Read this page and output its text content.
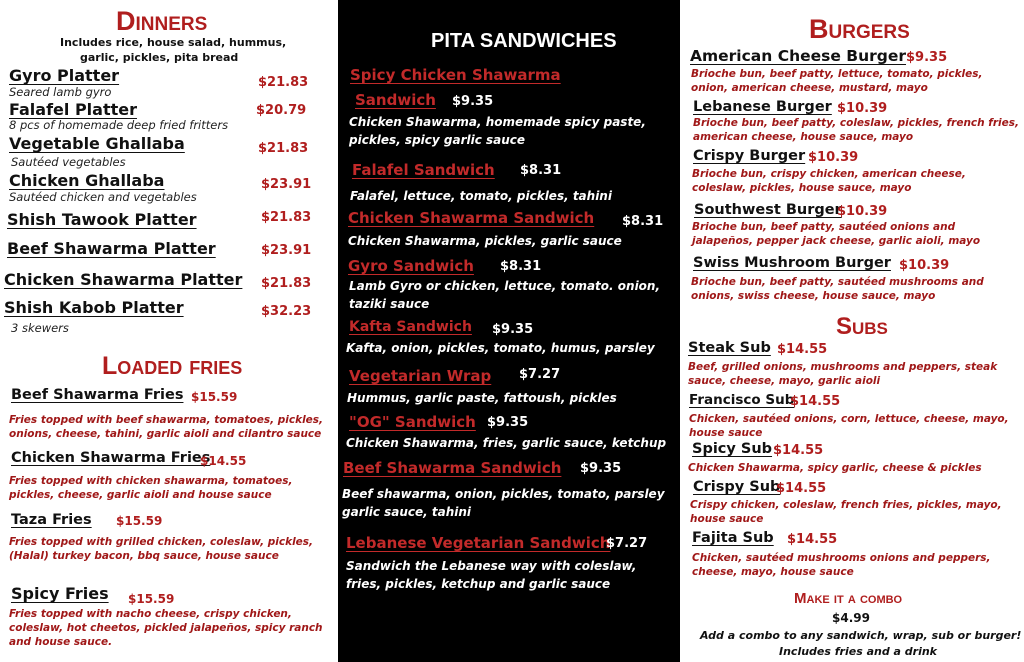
Dinners
Includes rice, house salad, hummus,
garlic, pickles, pita bread
Gyro Platter	$21.83
Seared lamb gyro
Falafel Platter	$20.79
8 pcs of homemade deep fried fritters
Vegetable Ghallaba	$21.83
Sautéed vegetables
Chicken Ghallaba	$23.91
Sautéed chicken and vegetables
Shish Tawook Platter	$21.83
Beef Shawarma Platter	$23.91
Chicken Shawarma Platter $21.83
Shish Kabob Platter	$32.23
3 skewers
Loaded fries
Beef Shawarma Fries $15.59
Fries topped with beef shawarma, tomatoes, pickles, onions, cheese, tahini, garlic aioli and cilantro sauce
Chicken Shawarma Fries
$14.55
Fries topped with chicken shawarma, tomatoes, pickles, cheese, garlic aioli and house sauce
Taza Fries $15.59
Fries topped with grilled chicken, coleslaw, pickles, (Halal) turkey bacon, bbq sauce, house sauce
Spicy Fries $15.59
Fries topped with nacho cheese, crispy chicken, coleslaw, hot cheetos, pickled jalapeños, spicy ranch and house sauce.
PITA SANDWICHES
Spicy Chicken Shawarma
Sandwich $9.35
Chicken Shawarma, homemade spicy paste, pickles, spicy garlic sauce
Falafel Sandwich $8.31
Falafel, lettuce, tomato, pickles, tahini
Chicken Shawarma Sandwich $8.31
Chicken Shawarma, pickles, garlic sauce
Gyro Sandwich $8.31
Lamb Gyro or chicken, lettuce, tomato. onion, taziki sauce
Kafta Sandwich $9.35
Kafta, onion, pickles, tomato, humus, parsley
Vegetarian Wrap $7.27
Hummus, garlic paste, fattoush, pickles
"OG" Sandwich $9.35
Chicken Shawarma, fries, garlic sauce, ketchup
Beef Shawarma Sandwich $9.35
Beef shawarma, onion, pickles, tomato, parsley garlic sauce, tahini
Lebanese Vegetarian Sandwich
$7.27
Sandwich the Lebanese way with coleslaw, fries, pickles, ketchup and garlic sauce
Burgers
American Cheese Burger $9.35
Brioche bun, beef patty, lettuce, tomato, pickles, onion, american cheese, mustard, mayo
Lebanese Burger $10.39
Brioche bun, beef patty, coleslaw, pickles, french fries, american cheese, house sauce, mayo
Crispy Burger $10.39
Brioche bun, crispy chicken, american cheese, coleslaw, pickles, house sauce, mayo
Southwest Burger
$10.39
Brioche bun, beef patty, sautéed onions and jalapeños, pepper jack cheese, garlic aioli, mayo
Swiss Mushroom Burger $10.39
Brioche bun, beef patty, sautéed mushrooms and onions, swiss cheese, house sauce, mayo
Subs
Steak Sub $14.55
Beef, grilled onions, mushrooms and peppers, steak sauce, cheese, mayo, garlic aioli
Francisco Sub
$14.55
Chicken, sautéed onions, corn, lettuce, cheese, mayo, house sauce
Spicy Sub $14.55
Chicken Shawarma, spicy garlic, cheese & pickles
Crispy Sub
$14.55
Crispy chicken, coleslaw, french fries, pickles, mayo, house sauce
Fajita Sub $14.55
Chicken, sautéed mushrooms onions and peppers, cheese, mayo, house sauce
Make it a combo
$4.99
Add a combo to any sandwich, wrap, sub or burger!
Includes fries and a drink
